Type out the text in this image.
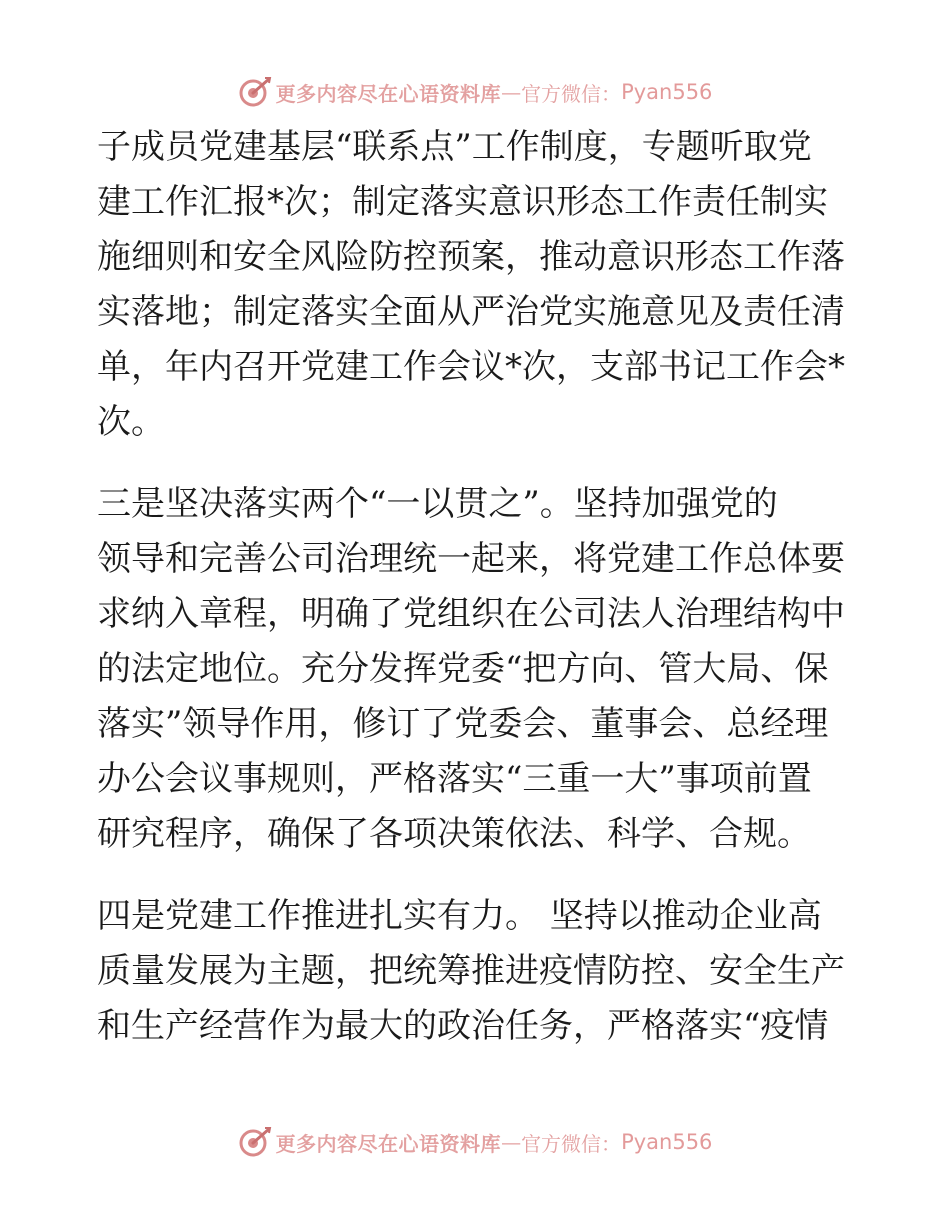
更多内容尽在心语资料库 — 官方微信： Pyan556
子成员党建基层“联系点”工作制度，专题听取党
建工作汇报*次；制定落实意识形态工作责任制实
施细则和安全风险防控预案，推动意识形态工作落
实落地；制定落实全面从严治党实施意见及责任清
单，年内召开党建工作会议*次，支部书记工作会*
次。
三是坚决落实两个“一以贯之”。坚持加强党的
领导和完善公司治理统一起来，将党建工作总体要
求纳入章程，明确了党组织在公司法人治理结构中
的法定地位。充分发挥党委“把方向、管大局、保
落实”领导作用，修订了党委会、董事会、总经理
办公会议事规则，严格落实“三重一大”事项前置
研究程序，确保了各项决策依法、科学、合规。
四是党建工作推进扎实有力。 坚持以推动企业高
质量发展为主题，把统筹推进疫情防控、安全生产
和生产经营作为最大的政治任务，严格落实“疫情
更多内容尽在心语资料库 — 官方微信： Pyan556
